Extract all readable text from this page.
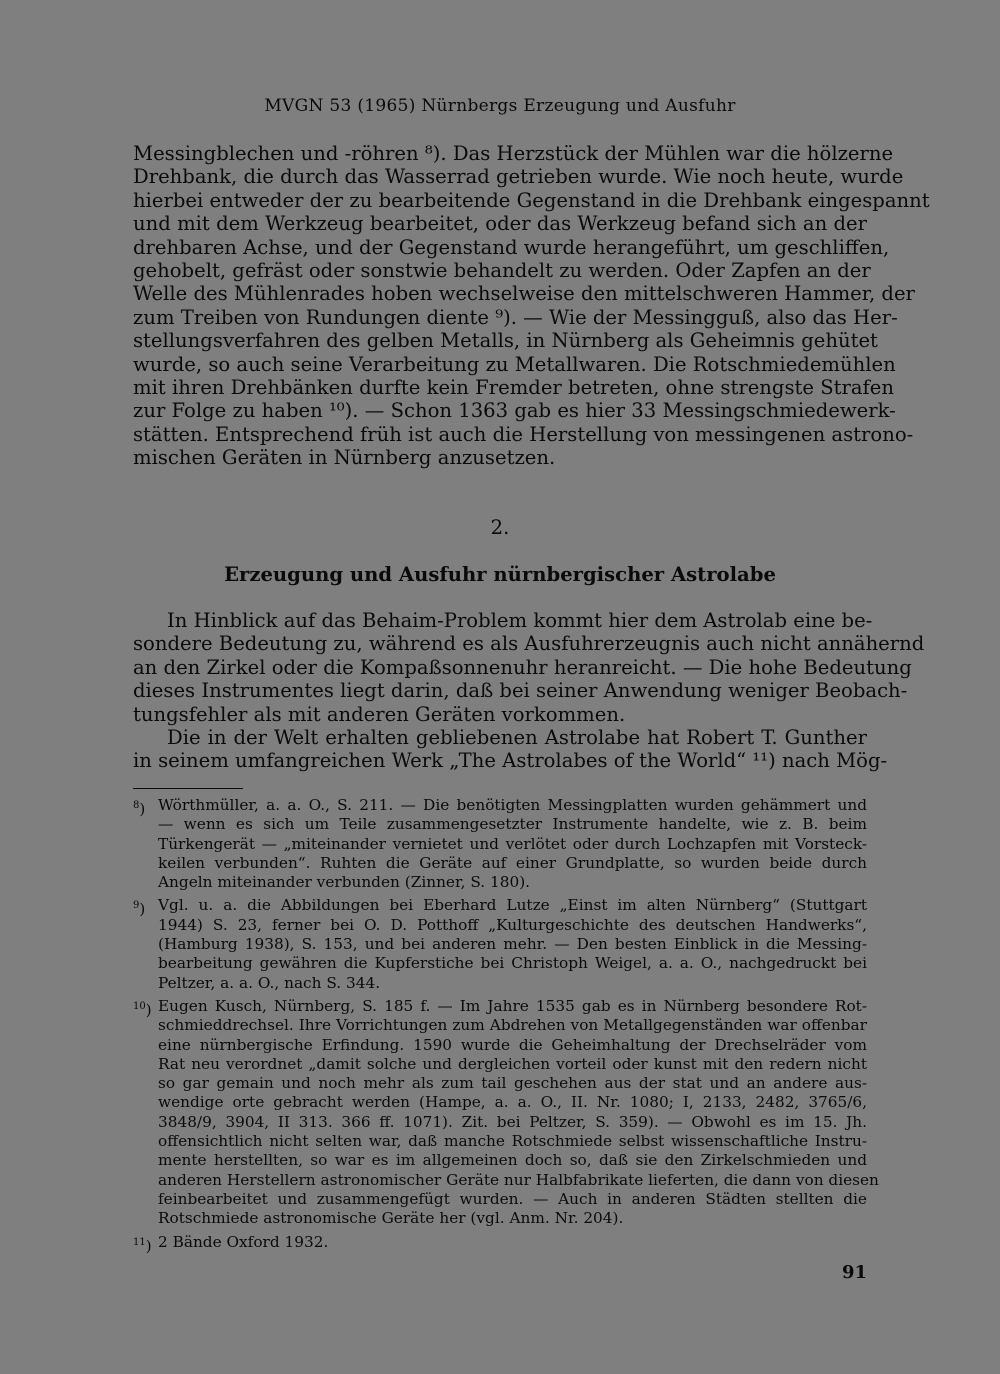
MVGN 53 (1965) Nürnbergs Erzeugung und Ausfuhr
Messingblechen und -röhren ⁸). Das Herzstück der Mühlen war die hölzerne
Drehbank, die durch das Wasserrad getrieben wurde. Wie noch heute, wurde
hierbei entweder der zu bearbeitende Gegenstand in die Drehbank eingespannt
und mit dem Werkzeug bearbeitet, oder das Werkzeug befand sich an der
drehbaren Achse, und der Gegenstand wurde herangeführt, um geschliffen,
gehobelt, gefräst oder sonstwie behandelt zu werden. Oder Zapfen an der
Welle des Mühlenrades hoben wechselweise den mittelschweren Hammer, der
zum Treiben von Rundungen diente ⁹). — Wie der Messingguß, also das Her-
stellungsverfahren des gelben Metalls, in Nürnberg als Geheimnis gehütet
wurde, so auch seine Verarbeitung zu Metallwaren. Die Rotschmiedemühlen
mit ihren Drehbänken durfte kein Fremder betreten, ohne strengste Strafen
zur Folge zu haben ¹⁰). — Schon 1363 gab es hier 33 Messingschmiedewerk-
stätten. Entsprechend früh ist auch die Herstellung von messingenen astrono-
mischen Geräten in Nürnberg anzusetzen.
2.
Erzeugung und Ausfuhr nürnbergischer Astrolabe
In Hinblick auf das Behaim-Problem kommt hier dem Astrolab eine be-
sondere Bedeutung zu, während es als Ausfuhrerzeugnis auch nicht annähernd
an den Zirkel oder die Kompaßsonnenuhr heranreicht. — Die hohe Bedeutung
dieses Instrumentes liegt darin, daß bei seiner Anwendung weniger Beobach-
tungsfehler als mit anderen Geräten vorkommen.
Die in der Welt erhalten gebliebenen Astrolabe hat Robert T. Gunther
in seinem umfangreichen Werk „The Astrolabes of the World“ ¹¹) nach Mög-
$^8$) Wörthmüller, a. a. O., S. 211. — Die benötigten Messingplatten wurden gehämmert und
— wenn es sich um Teile zusammengesetzter Instrumente handelte, wie z. B. beim
Türkengerät — „miteinander vernietet und verlötet oder durch Lochzapfen mit Vorsteck-
keilen verbunden“. Ruhten die Geräte auf einer Grundplatte, so wurden beide durch
Angeln miteinander verbunden (Zinner, S. 180).
$^9$) Vgl. u. a. die Abbildungen bei Eberhard Lutze „Einst im alten Nürnberg“ (Stuttgart
1944) S. 23, ferner bei O. D. Potthoff „Kulturgeschichte des deutschen Handwerks“,
(Hamburg 1938), S. 153, und bei anderen mehr. — Den besten Einblick in die Messing-
bearbeitung gewähren die Kupferstiche bei Christoph Weigel, a. a. O., nachgedruckt bei
Peltzer, a. a. O., nach S. 344.
$^{10}$) Eugen Kusch, Nürnberg, S. 185 f. — Im Jahre 1535 gab es in Nürnberg besondere Rot-
schmieddrechsel. Ihre Vorrichtungen zum Abdrehen von Metallgegenständen war offenbar
eine nürnbergische Erfindung. 1590 wurde die Geheimhaltung der Drechselräder vom
Rat neu verordnet „damit solche und dergleichen vorteil oder kunst mit den redern nicht
so gar gemain und noch mehr als zum tail geschehen aus der stat und an andere aus-
wendige orte gebracht werden (Hampe, a. a. O., II. Nr. 1080; I, 2133, 2482, 3765/6,
3848/9, 3904, II 313. 366 ff. 1071). Zit. bei Peltzer, S. 359). — Obwohl es im 15. Jh.
offensichtlich nicht selten war, daß manche Rotschmiede selbst wissenschaftliche Instru-
mente herstellten, so war es im allgemeinen doch so, daß sie den Zirkelschmieden und
anderen Herstellern astronomischer Geräte nur Halbfabrikate lieferten, die dann von diesen
feinbearbeitet und zusammengefügt wurden. — Auch in anderen Städten stellten die
Rotschmiede astronomische Geräte her (vgl. Anm. Nr. 204).
$^{11}$) 2 Bände Oxford 1932.
91
